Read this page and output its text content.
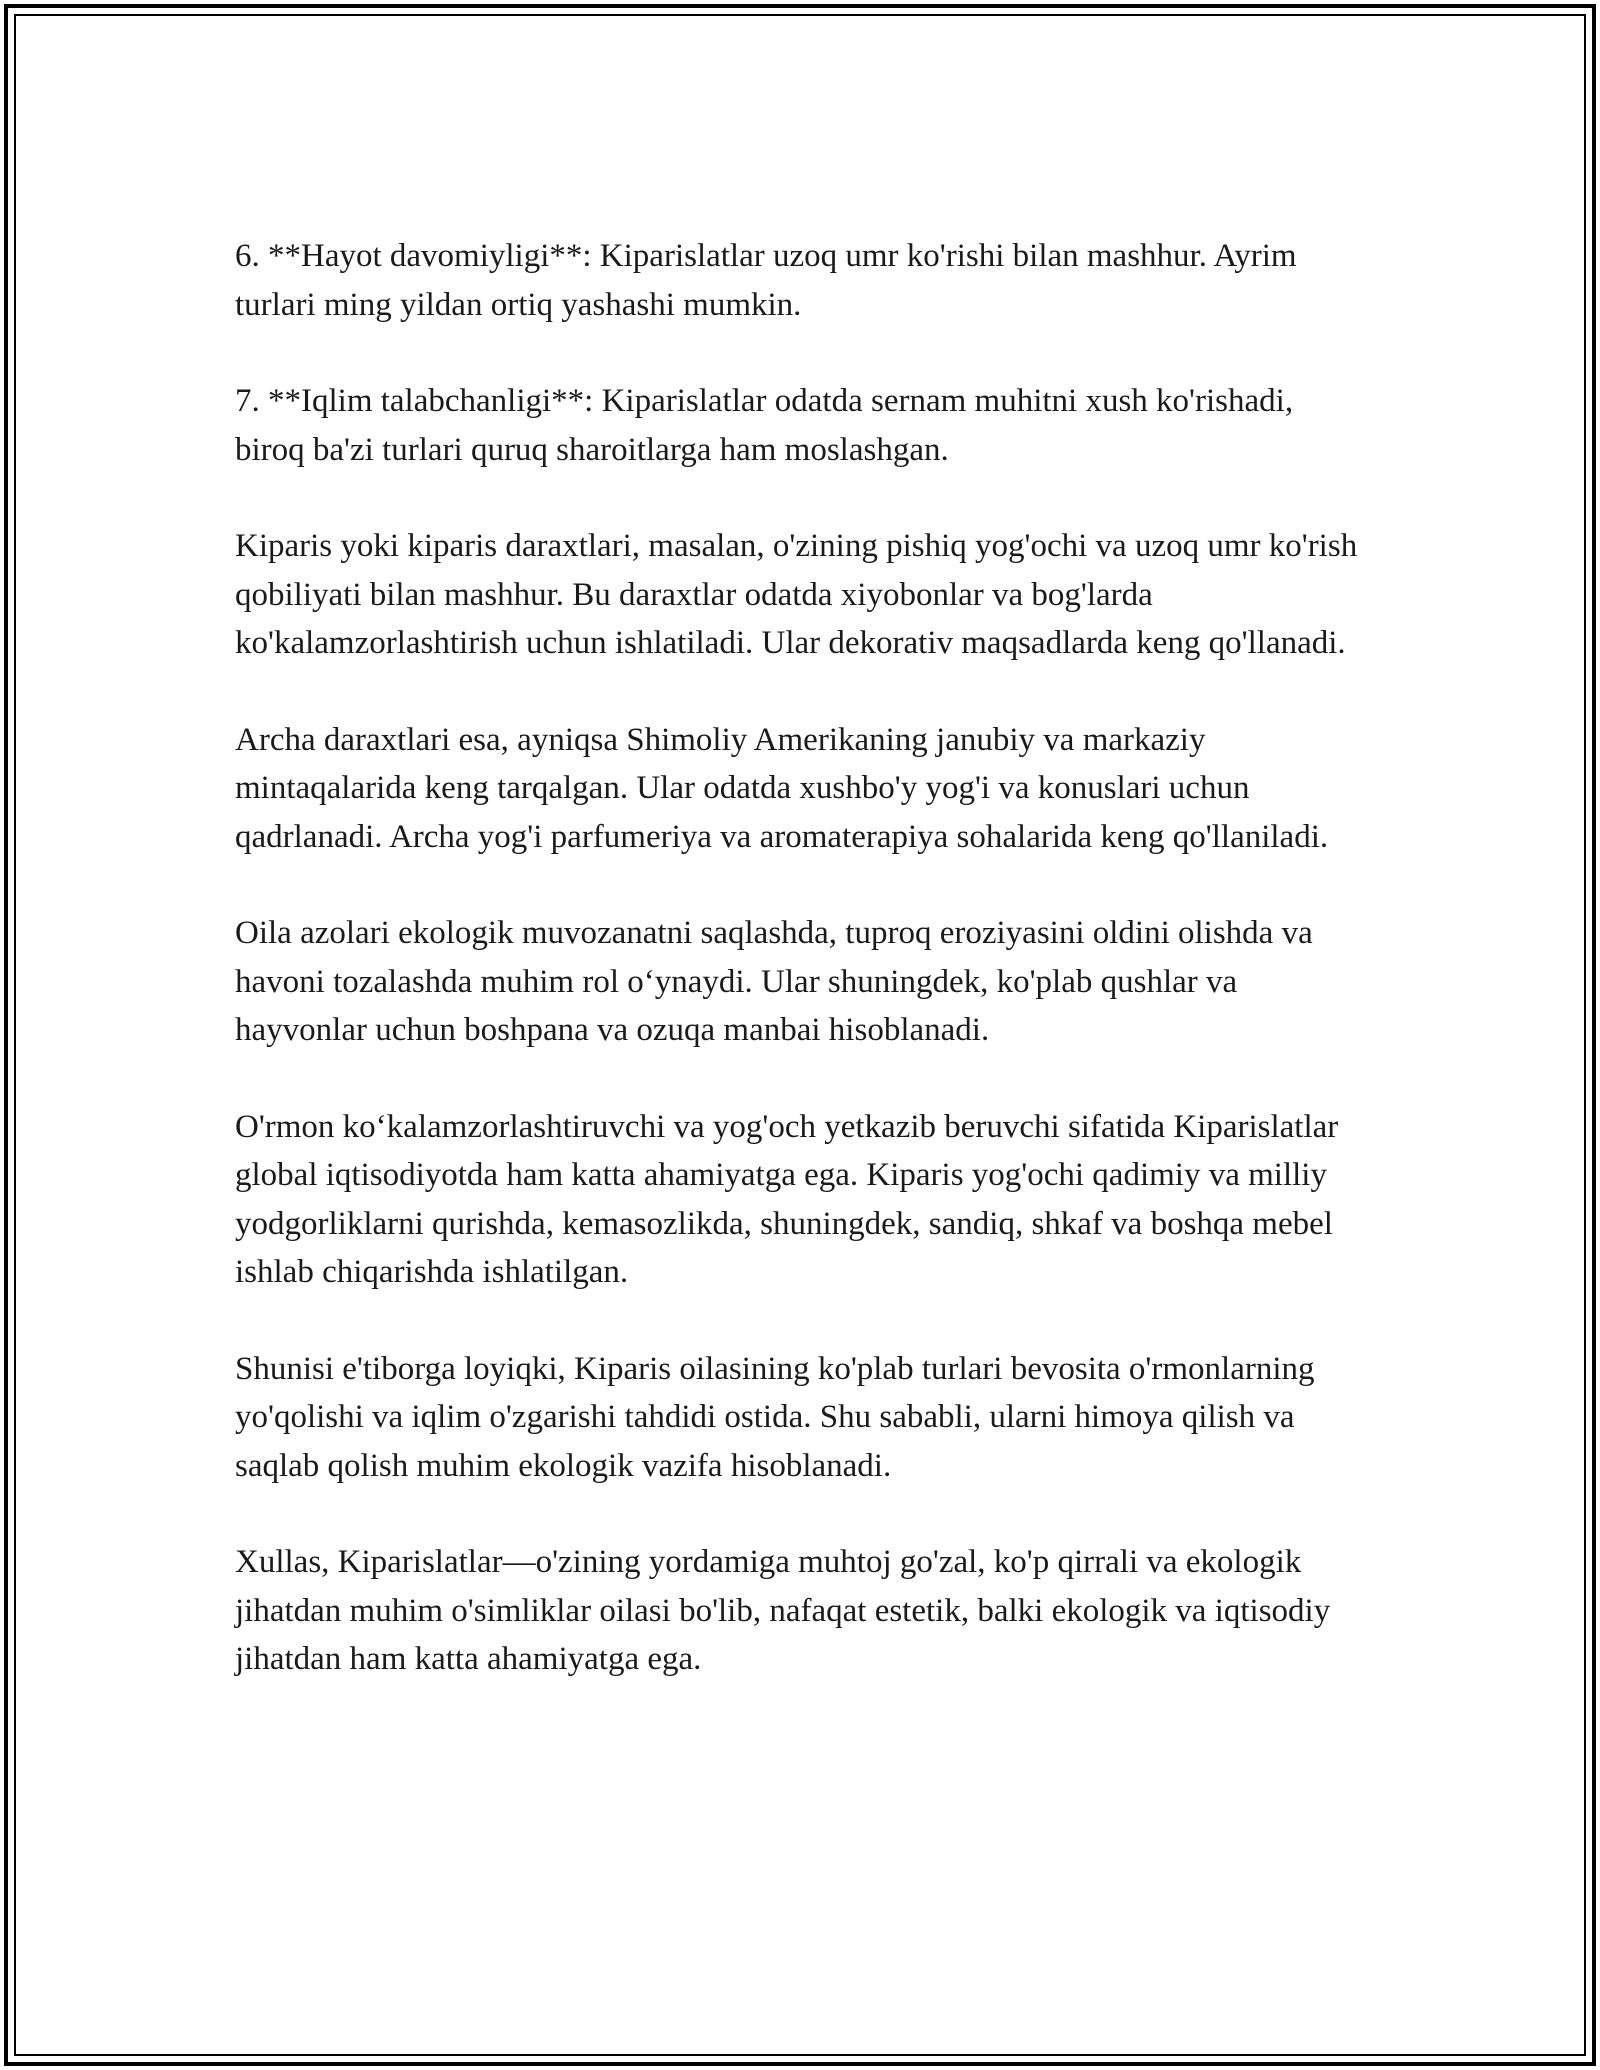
6. **Hayot davomiyligi**: Kiparislatlar uzoq umr ko'rishi bilan mashhur. Ayrim turlari ming yildan ortiq yashashi mumkin.

7. **Iqlim talabchanligi**: Kiparislatlar odatda sernam muhitni xush ko'rishadi, biroq ba'zi turlari quruq sharoitlarga ham moslashgan.

Kiparis yoki kiparis daraxtlari, masalan, o'zining pishiq yog'ochi va uzoq umr ko'rish qobiliyati bilan mashhur. Bu daraxtlar odatda xiyobonlar va bog'larda ko'kalamzorlashtirish uchun ishlatiladi. Ular dekorativ maqsadlarda keng qo'llanadi.

Archa daraxtlari esa, ayniqsa Shimoliy Amerikaning janubiy va markaziy mintaqalarida keng tarqalgan. Ular odatda xushbo'y yog'i va konuslari uchun qadrlanadi. Archa yog'i parfumeriya va aromaterapiya sohalarida keng qo'llaniladi.

Oila azolari ekologik muvozanatni saqlashda, tuproq eroziyasini oldini olishda va havoni tozalashda muhim rol o‘ynaydi. Ular shuningdek, ko'plab qushlar va hayvonlar uchun boshpana va ozuqa manbai hisoblanadi.

O'rmon ko‘kalamzorlashtiruvchi va yog'och yetkazib beruvchi sifatida Kiparislatlar global iqtisodiyotda ham katta ahamiyatga ega. Kiparis yog'ochi qadimiy va milliy yodgorliklarni qurishda, kemasozlikda, shuningdek, sandiq, shkaf va boshqa mebel ishlab chiqarishda ishlatilgan.

Shunisi e'tiborga loyiqki, Kiparis oilasining ko'plab turlari bevosita o'rmonlarning yo'qolishi va iqlim o'zgarishi tahdidi ostida. Shu sababli, ularni himoya qilish va saqlab qolish muhim ekologik vazifa hisoblanadi.

Xullas, Kiparislatlar—o'zining yordamiga muhtoj go'zal, ko'p qirrali va ekologik jihatdan muhim o'simliklar oilasi bo'lib, nafaqat estetik, balki ekologik va iqtisodiy jihatdan ham katta ahamiyatga ega.
